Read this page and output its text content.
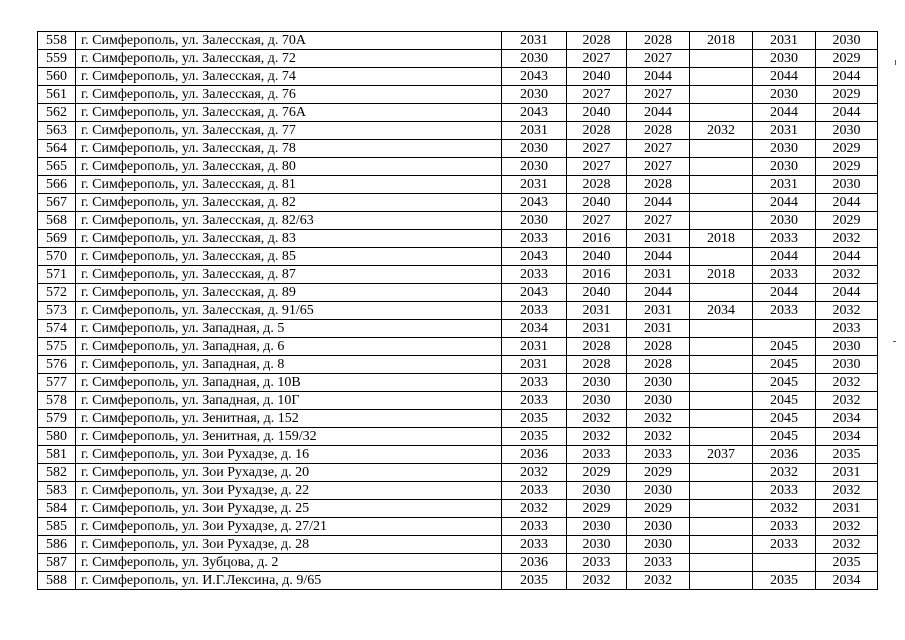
558	г. Симферополь, ул. Залесская, д. 70А	2031	2028	2028	2018	2031	2030
559	г. Симферополь, ул. Залесская, д. 72	2030	2027	2027		2030	2029
560	г. Симферополь, ул. Залесская, д. 74	2043	2040	2044		2044	2044
561	г. Симферополь, ул. Залесская, д. 76	2030	2027	2027		2030	2029
562	г. Симферополь, ул. Залесская, д. 76А	2043	2040	2044		2044	2044
563	г. Симферополь, ул. Залесская, д. 77	2031	2028	2028	2032	2031	2030
564	г. Симферополь, ул. Залесская, д. 78	2030	2027	2027		2030	2029
565	г. Симферополь, ул. Залесская, д. 80	2030	2027	2027		2030	2029
566	г. Симферополь, ул. Залесская, д. 81	2031	2028	2028		2031	2030
567	г. Симферополь, ул. Залесская, д. 82	2043	2040	2044		2044	2044
568	г. Симферополь, ул. Залесская, д. 82/63	2030	2027	2027		2030	2029
569	г. Симферополь, ул. Залесская, д. 83	2033	2016	2031	2018	2033	2032
570	г. Симферополь, ул. Залесская, д. 85	2043	2040	2044		2044	2044
571	г. Симферополь, ул. Залесская, д. 87	2033	2016	2031	2018	2033	2032
572	г. Симферополь, ул. Залесская, д. 89	2043	2040	2044		2044	2044
573	г. Симферополь, ул. Залесская, д. 91/65	2033	2031	2031	2034	2033	2032
574	г. Симферополь, ул. Западная, д. 5	2034	2031	2031			2033
575	г. Симферополь, ул. Западная, д. 6	2031	2028	2028		2045	2030
576	г. Симферополь, ул. Западная, д. 8	2031	2028	2028		2045	2030
577	г. Симферополь, ул. Западная, д. 10В	2033	2030	2030		2045	2032
578	г. Симферополь, ул. Западная, д. 10Г	2033	2030	2030		2045	2032
579	г. Симферополь, ул. Зенитная, д. 152	2035	2032	2032		2045	2034
580	г. Симферополь, ул. Зенитная, д. 159/32	2035	2032	2032		2045	2034
581	г. Симферополь, ул. Зои Рухадзе, д. 16	2036	2033	2033	2037	2036	2035
582	г. Симферополь, ул. Зои Рухадзе, д. 20	2032	2029	2029		2032	2031
583	г. Симферополь, ул. Зои Рухадзе, д. 22	2033	2030	2030		2033	2032
584	г. Симферополь, ул. Зои Рухадзе, д. 25	2032	2029	2029		2032	2031
585	г. Симферополь, ул. Зои Рухадзе, д. 27/21	2033	2030	2030		2033	2032
586	г. Симферополь, ул. Зои Рухадзе, д. 28	2033	2030	2030		2033	2032
587	г. Симферополь, ул. Зубцова, д. 2	2036	2033	2033			2035
588	г. Симферополь, ул. И.Г.Лексина, д. 9/65	2035	2032	2032		2035	2034
